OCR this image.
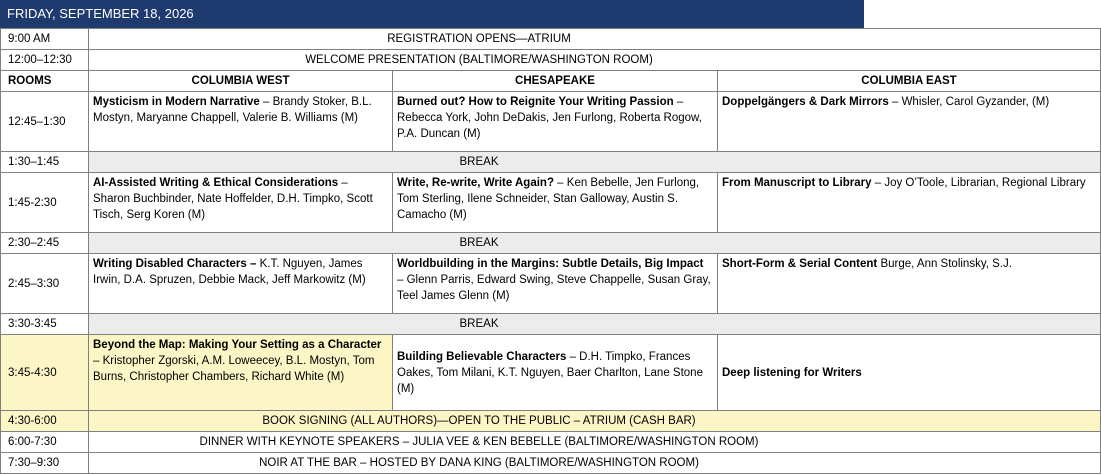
FRIDAY, SEPTEMBER 18, 2026
9:00 AM	REGISTRATION OPENS—ATRIUM		

12:00–12:30	WELCOME PRESENTATION (BALTIMORE/WASHINGTON ROOM)		

ROOMS	COLUMBIA WEST	CHESAPEAKE	COLUMBIA EAST
12:45–1:30	Mysticism in Modern Narrative – Brandy Stoker, B.L. Mostyn, Maryanne Chappell, Valerie B. Williams (M)	Burned out? How to Reignite Your Writing Passion – Rebecca York, John DeDakis, Jen Furlong, Roberta Rogow, P.A. Duncan (M)	Doppelgängers & Dark Mirrors – Whisler, Carol Gyzander, (M)
1:30–1:45	BREAK		

1:45-2:30	AI-Assisted Writing & Ethical Considerations – Sharon Buchbinder, Nate Hoffelder, D.H. Timpko, Scott Tisch, Serg Koren (M)	Write, Re-write, Write Again? – Ken Bebelle, Jen Furlong, Tom Sterling, Ilene Schneider, Stan Galloway, Austin S. Camacho (M)	From Manuscript to Library – Joy O’Toole, Librarian, Regional Library
2:30–2:45	BREAK		

2:45–3:30	Writing Disabled Characters – K.T. Nguyen, James Irwin, D.A. Spruzen, Debbie Mack, Jeff Markowitz (M)	Worldbuilding in the Margins: Subtle Details, Big Impact – Glenn Parris, Edward Swing, Steve Chappelle, Susan Gray, Teel James Glenn (M)	Short-Form & Serial Content Burge, Ann Stolinsky, S.J.
3:30-3:45	BREAK		

3:45-4:30	Beyond the Map: Making Your Setting as a Character – Kristopher Zgorski, A.M. Loweecey, B.L. Mostyn, Tom Burns, Christopher Chambers, Richard White (M)	Building Believable Characters – D.H. Timpko, Frances Oakes, Tom Milani, K.T. Nguyen, Baer Charlton, Lane Stone (M)	Deep listening for Writers
4:30-6:00	BOOK SIGNING (ALL AUTHORS)—OPEN TO THE PUBLIC – ATRIUM (CASH BAR)		

6:00-7:30	DINNER WITH KEYNOTE SPEAKERS – JULIA VEE & KEN BEBELLE (BALTIMORE/WASHINGTON ROOM)		

7:30–9:30	NOIR AT THE BAR – HOSTED BY DANA KING (BALTIMORE/WASHINGTON ROOM)		
